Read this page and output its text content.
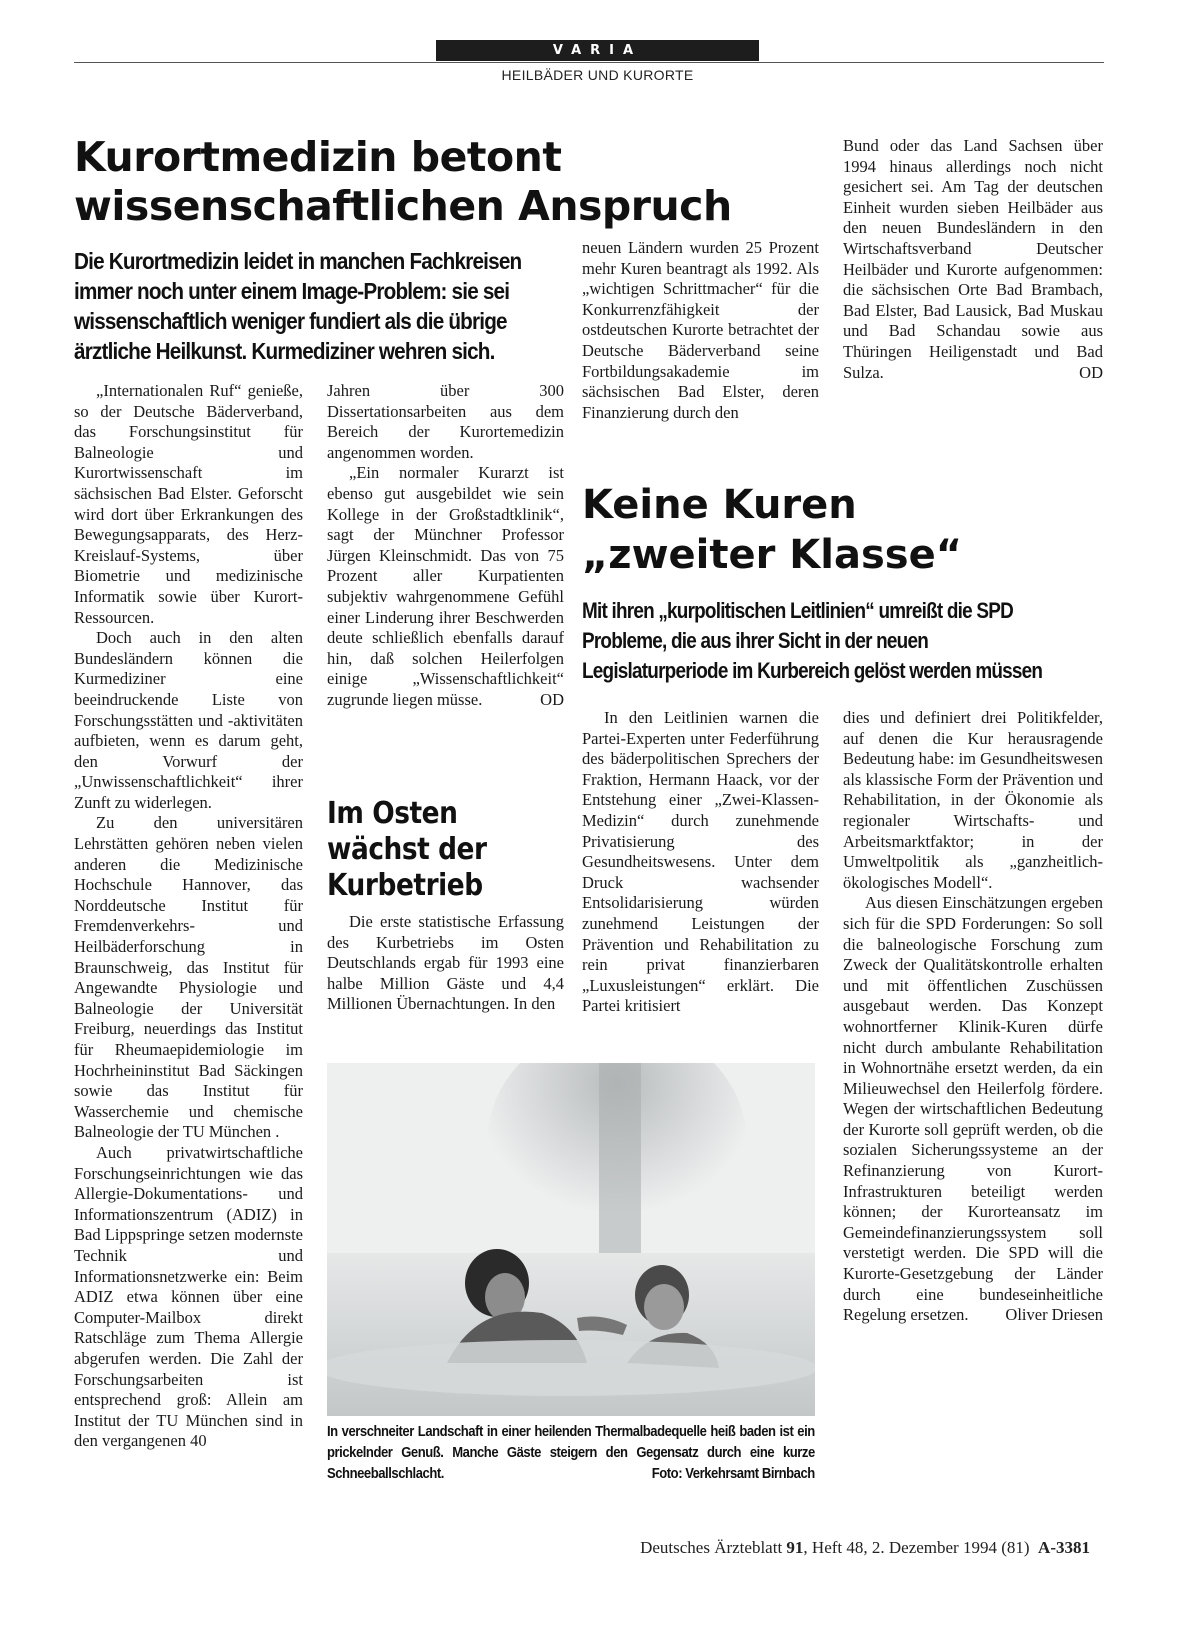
VARIA
HEILBÄDER UND KURORTE
Kurortmedizin betont
wissenschaftlichen Anspruch
Die Kurortmedizin leidet in manchen Fachkreisen immer noch unter einem Image-Problem: sie sei wissenschaftlich weniger fundiert als die übrige ärztliche Heilkunst. Kurmediziner wehren sich.

„Internationalen Ruf“ genieße, so der Deutsche Bäderverband, das Forschungsinstitut für Balneologie und Kurortwissenschaft im sächsischen Bad Elster. Geforscht wird dort über Erkrankungen des Bewegungsapparats, des Herz-Kreislauf-Systems, über Biometrie und medizinische Informatik sowie über Kurort-Ressourcen.

Doch auch in den alten Bundesländern können die Kurmediziner eine beeindruckende Liste von Forschungsstätten und -aktivitäten aufbieten, wenn es darum geht, den Vorwurf der „Unwissenschaftlichkeit“ ihrer Zunft zu widerlegen.

Zu den universitären Lehrstätten gehören neben vielen anderen die Medizinische Hochschule Hannover, das Norddeutsche Institut für Fremdenverkehrs- und Heilbäderforschung in Braunschweig, das Institut für Angewandte Physiologie und Balneologie der Universität Freiburg, neuerdings das Institut für Rheumaepidemiologie im Hochrheininstitut Bad Säckingen sowie das Institut für Wasserchemie und chemische Balneologie der TU München .

Auch privatwirtschaftliche Forschungseinrichtungen wie das Allergie-Dokumentations- und Informationszentrum (ADIZ) in Bad Lippspringe setzen modernste Technik und Informationsnetzwerke ein: Beim ADIZ etwa können über eine Computer-Mailbox direkt Ratschläge zum Thema Allergie abgerufen werden. Die Zahl der Forschungsarbeiten ist entsprechend groß: Allein am Institut der TU München sind in den vergangenen 40

Jahren über 300 Dissertationsarbeiten aus dem Bereich der Kurortemedizin angenommen worden.

„Ein normaler Kurarzt ist ebenso gut ausgebildet wie sein Kollege in der Großstadtklinik“, sagt der Münchner Professor Jürgen Kleinschmidt. Das von 75 Prozent aller Kurpatienten subjektiv wahrgenommene Gefühl einer Linderung ihrer Beschwerden deute schließlich ebenfalls darauf hin, daß solchen Heilerfolgen einige „Wissenschaftlichkeit“ zugrunde liegen müsse.	OD

Im Osten
wächst der
Kurbetrieb

Die erste statistische Erfassung des Kurbetriebs im Osten Deutschlands ergab für 1993 eine halbe Million Gäste und 4,4 Millionen Übernachtungen. In den

neuen Ländern wurden 25 Prozent mehr Kuren beantragt als 1992. Als „wichtigen Schrittmacher“ für die Konkurrenzfähigkeit der ostdeutschen Kurorte betrachtet der Deutsche Bäderverband seine Fortbildungsakademie im sächsischen Bad Elster, deren Finanzierung durch den

Bund oder das Land Sachsen über 1994 hinaus allerdings noch nicht gesichert sei. Am Tag der deutschen Einheit wurden sieben Heilbäder aus den neuen Bundesländern in den Wirtschaftsverband Deutscher Heilbäder und Kurorte aufgenommen: die sächsischen Orte Bad Brambach, Bad Elster, Bad Lausick, Bad Muskau und Bad Schandau sowie aus Thüringen Heiligenstadt und Bad Sulza.	OD

Keine Kuren
„zweiter Klasse“
Mit ihren „kurpolitischen Leitlinien“ umreißt die SPD Probleme, die aus ihrer Sicht in der neuen Legislaturperiode im Kurbereich gelöst werden müssen

In den Leitlinien warnen die Partei-Experten unter Federführung des bäderpolitischen Sprechers der Fraktion, Hermann Haack, vor der Entstehung einer „Zwei-Klassen-Medizin“ durch zunehmende Privatisierung des Gesundheitswesens. Unter dem Druck wachsender Entsolidarisierung würden zunehmend Leistungen der Prävention und Rehabilitation zu rein privat finanzierbaren „Luxusleistungen“ erklärt. Die Partei kritisiert

dies und definiert drei Politikfelder, auf denen die Kur herausragende Bedeutung habe: im Gesundheitswesen als klassische Form der Prävention und Rehabilitation, in der Ökonomie als regionaler Wirtschafts- und Arbeitsmarktfaktor; in der Umweltpolitik als „ganzheitlich-ökologisches Modell“.

Aus diesen Einschätzungen ergeben sich für die SPD Forderungen: So soll die balneologische Forschung zum Zweck der Qualitätskontrolle erhalten und mit öffentlichen Zuschüssen ausgebaut werden. Das Konzept wohnortferner Klinik-Kuren dürfe nicht durch ambulante Rehabilitation in Wohnortnähe ersetzt werden, da ein Milieuwechsel den Heilerfolg fördere. Wegen der wirtschaftlichen Bedeutung der Kurorte soll geprüft werden, ob die sozialen Sicherungssysteme an der Refinanzierung von Kurort-Infrastrukturen beteiligt werden können; der Kurorteansatz im Gemeindefinanzierungssystem soll verstetigt werden. Die SPD will die Kurorte-Gesetzgebung der Länder durch eine bundeseinheitliche Regelung ersetzen.	Oliver Driesen

In verschneiter Landschaft in einer heilenden Thermalbadequelle heiß baden ist ein prickelnder Genuß. Manche Gäste steigern den Gegensatz durch eine kurze Schneeballschlacht.	Foto: Verkehrsamt Birnbach
Deutsches Ärzteblatt 91, Heft 48, 2. Dezember 1994 (81) A-3381
